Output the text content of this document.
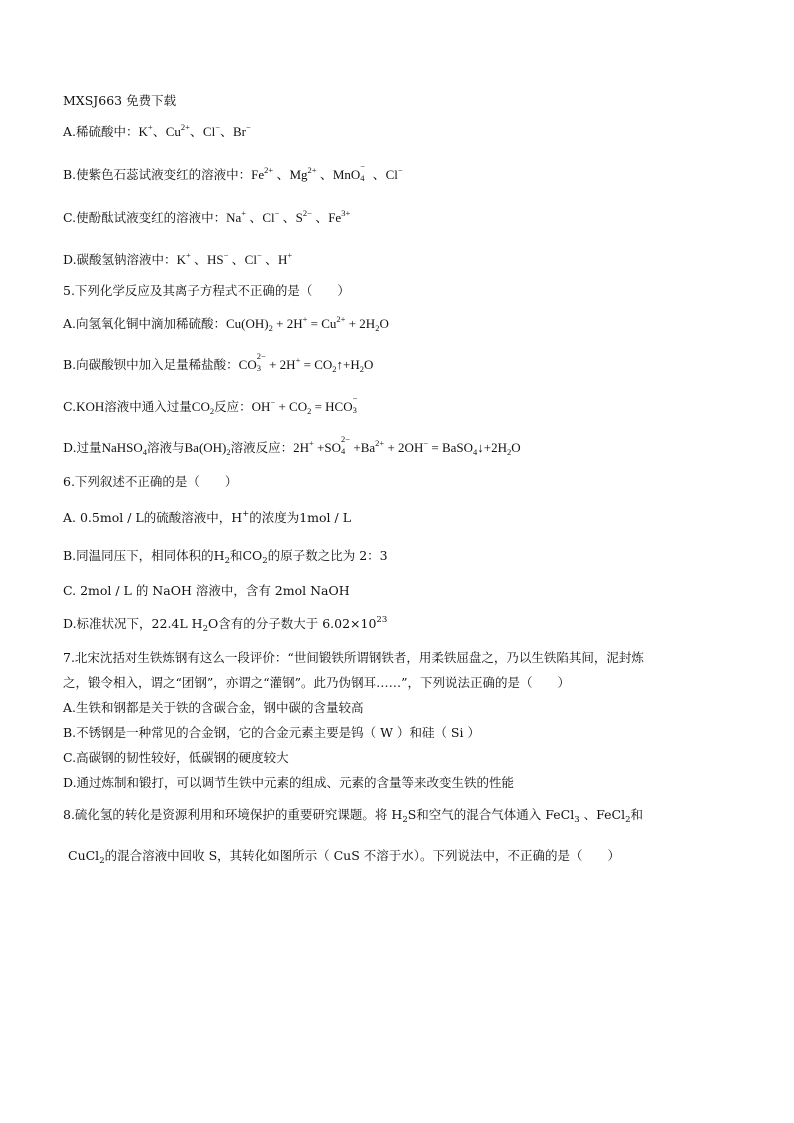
MXSJ663 免费下载
A.稀硫酸中：K+、$Cu^{2+}$、Cl−、Br−
B.使紫色石蕊试液变红的溶液中：$Fe^{2+}$ 、$Mg^{2+}$ 、MnO
−
4 、Cl−
C.使酚酞试液变红的溶液中：Na+ 、Cl− 、$S^{2-}$ 、$Fe^{3+}$
D.碳酸氢钠溶液中：K+ 、HS− 、Cl− 、H+
5.下列化学反应及其离子方程式不正确的是（　　）
A.向氢氧化铜中滴加稀硫酸：$Cu(OH)_2 + 2H^+ = Cu^{2+} + 2H_2O$
B.向碳酸钡中加入足量稀盐酸：CO
2−
$3 + 2H^+ = CO_2↑+H_2O$
C.KOH溶液中通入过量$CO_2$反应：$OH^- + CO_2$ = HCO
−
3
D.过量NaHSO$_4$溶液与$Ba(OH)_2$溶液反应：2H+ +SO
2−
$4 +Ba^{2+} + 2OH^-$ = $BaSO_4↓+2H_2O$
6.下列叙述不正确的是（　　）
A. 0.5mol / L的硫酸溶液中，H+的浓度为1mol / L
B.同温同压下，相同体积的$H_2$和$CO_2$的原子数之比为 2：3
C. 2mol / L 的 NaOH 溶液中，含有 2mol NaOH
D.标准状况下，22.4L $H_2O$含有的分子数大于 $6.02\times 10^{23}$
7.北宋沈括对生铁炼钢有这么一段评价：“世间锻铁所谓钢铁者，用柔铁屈盘之，乃以生铁陷其间，泥封炼
之，锻令相入，谓之“团钢”，亦谓之“灌钢”。此乃伪钢耳……”，下列说法正确的是（　　）
A.生铁和钢都是关于铁的含碳合金，钢中碳的含量较高
B.不锈钢是一种常见的合金钢，它的合金元素主要是钨（ W ）和硅（ Si ）
C.高碳钢的韧性较好，低碳钢的硬度较大
D.通过炼制和锻打，可以调节生铁中元素的组成、元素的含量等来改变生铁的性能
8.硫化氢的转化是资源利用和环境保护的重要研究课题。将 $H_2S$和空气的混合气体通入 FeCl$_3$ 、FeCl$_2$和
CuCl$_2$的混合溶液中回收 S，其转化如图所示（ CuS 不溶于水）。下列说法中，不正确的是（　　）
